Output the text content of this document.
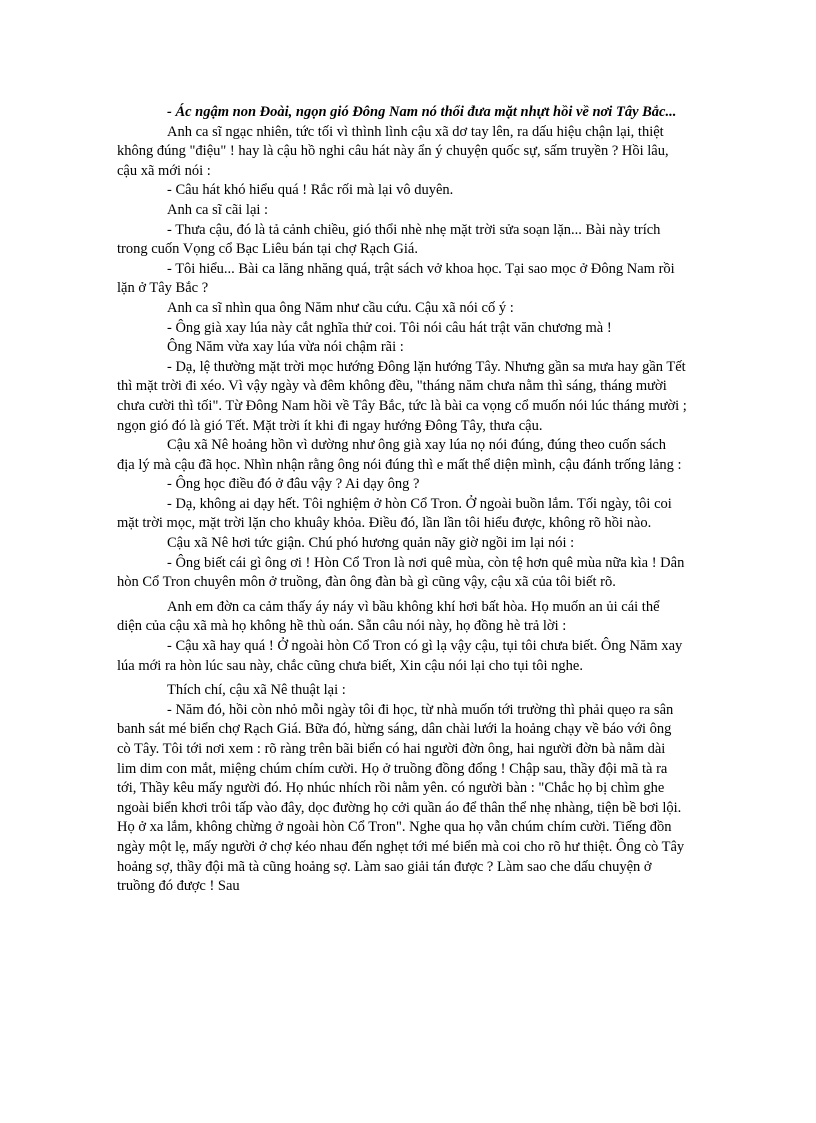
- Ác ngậm non Đoài, ngọn gió Đông Nam nó thổi đưa mặt nhựt hồi về nơi Tây Bắc...

Anh ca sĩ ngạc nhiên, tức tối vì thình lình cậu xã dơ tay lên, ra dấu hiệu chận lại, thiệt không đúng "điệu" ! hay là cậu hồ nghi câu hát này ẩn ý chuyện quốc sự, sấm truyền ? Hồi lâu, cậu xã mới nói :

- Câu hát khó hiểu quá ! Rắc rối mà lại vô duyên.

Anh ca sĩ cãi lại :

- Thưa cậu, đó là tả cảnh chiều, gió thổi nhè nhẹ mặt trời sửa soạn lặn... Bài này trích trong cuốn Vọng cổ Bạc Liêu bán tại chợ Rạch Giá.

- Tôi hiểu... Bài ca lăng nhăng quá, trật sách vở khoa học. Tại sao mọc ở Đông Nam rồi lặn ở Tây Bắc ?

Anh ca sĩ nhìn qua ông Năm như cầu cứu. Cậu xã nói cố ý :

- Ông già xay lúa này cắt nghĩa thử coi. Tôi nói câu hát trật văn chương mà !

Ông Năm vừa xay lúa vừa nói chậm rãi :

- Dạ, lệ thường mặt trời mọc hướng Đông lặn hướng Tây. Nhưng gần sa mưa hay gần Tết thì mặt trời đi xéo. Vì vậy ngày và đêm không đều, "tháng năm chưa nằm thì sáng, tháng mười chưa cười thì tối". Từ Đông Nam hồi về Tây Bắc, tức là bài ca vọng cổ muốn nói lúc tháng mười ; ngọn gió đó là gió Tết. Mặt trời ít khi đi ngay hướng Đông Tây, thưa cậu.

Cậu xã Nê hoảng hồn vì dường như ông già xay lúa nọ nói đúng, đúng theo cuốn sách địa lý mà cậu đã học. Nhìn nhận rằng ông nói đúng thì e mất thể diện mình, cậu đánh trống lảng :

- Ông học điều đó ở đâu vậy ? Ai dạy ông ?

- Dạ, không ai dạy hết. Tôi nghiệm ở hòn Cổ Tron. Ở ngoài buồn lắm. Tối ngày, tôi coi mặt trời mọc, mặt trời lặn cho khuây khỏa. Điều đó, lần lần tôi hiểu được, không rõ hồi nào.

Cậu xã Nê hơi tức giận. Chú phó hương quản nãy giờ ngồi im lại nói :

- Ông biết cái gì ông ơi ! Hòn Cổ Tron là nơi quê mùa, còn tệ hơn quê mùa nữa kìa ! Dân hòn Cổ Tron chuyên môn ở truồng, đàn ông đàn bà gì cũng vậy, cậu xã của tôi biết rõ.

Anh em đờn ca cảm thấy áy náy vì bầu không khí hơi bất hòa. Họ muốn an ủi cái thể diện của cậu xã mà họ không hề thù oán. Sẵn câu nói này, họ đồng hè trả lời :

- Cậu xã hay quá ! Ở ngoài hòn Cổ Tron có gì lạ vậy cậu, tụi tôi chưa biết. Ông Năm xay lúa mới ra hòn lúc sau này, chắc cũng chưa biết, Xin cậu nói lại cho tụi tôi nghe.

Thích chí, cậu xã Nê thuật lại :

- Năm đó, hồi còn nhỏ mỗi ngày tôi đi học, từ nhà muốn tới trường thì phải quẹo ra sân banh sát mé biển chợ Rạch Giá. Bữa đó, hừng sáng, dân chài lưới la hoảng chạy về báo với ông cò Tây. Tôi tới nơi xem : rõ ràng trên bãi biển có hai người đờn ông, hai người đờn bà nằm dài lim dim con mắt, miệng chúm chím cười. Họ ở truồng đồng đổng ! Chập sau, thầy đội mã tà ra tới, Thầy kêu mấy người đó. Họ nhúc nhích rồi nằm yên. có người bàn : "Chắc họ bị chìm ghe ngoài biển khơi trôi tấp vào đây, dọc đường họ cởi quần áo để thân thể nhẹ nhàng, tiện bề bơi lội. Họ ở xa lắm, không chừng ở ngoài hòn Cổ Tron". Nghe qua họ vẫn chúm chím cười. Tiếng đồn ngày một lẹ, mấy người ở chợ kéo nhau đến nghẹt tới mé biển mà coi cho rõ hư thiệt. Ông cò Tây hoảng sợ, thầy đội mã tà cũng hoảng sợ. Làm sao giải tán được ? Làm sao che dấu chuyện ở truồng đó được ! Sau
